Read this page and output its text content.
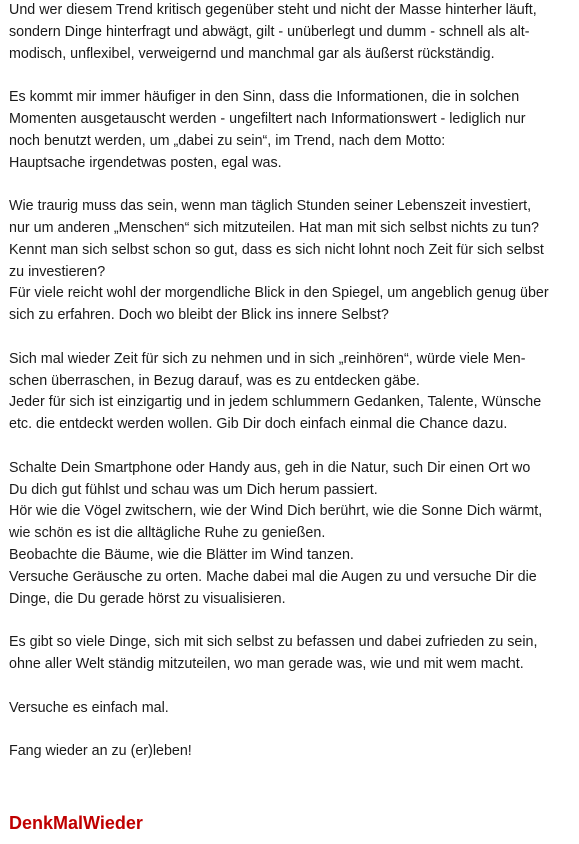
Und wer diesem Trend kritisch gegenüber steht und nicht der Masse hinterher läuft,
sondern Dinge hinterfragt und abwägt, gilt - unüberlegt und dumm - schnell als alt-
modisch, unflexibel, verweigernd und manchmal gar als äußerst rückständig.
Es kommt mir immer häufiger in den Sinn, dass die Informationen, die in solchen
Momenten ausgetauscht werden - ungefiltert nach Informationswert - lediglich nur
noch benutzt werden, um „dabei zu sein“, im Trend, nach dem Motto:
Hauptsache irgendetwas posten, egal was.
Wie traurig muss das sein, wenn man täglich Stunden seiner Lebenszeit investiert,
nur um anderen „Menschen“ sich mitzuteilen. Hat man mit sich selbst nichts zu tun?
Kennt man sich selbst schon so gut, dass es sich nicht lohnt noch Zeit für sich selbst
zu investieren?
Für viele reicht wohl der morgendliche Blick in den Spiegel, um angeblich genug über
sich zu erfahren. Doch wo bleibt der Blick ins innere Selbst?
Sich mal wieder Zeit für sich zu nehmen und in sich „reinhören“, würde viele Men-
schen überraschen, in Bezug darauf, was es zu entdecken gäbe.
Jeder für sich ist einzigartig und in jedem schlummern Gedanken, Talente, Wünsche
etc. die entdeckt werden wollen. Gib Dir doch einfach einmal die Chance dazu.
Schalte Dein Smartphone oder Handy aus, geh in die Natur, such Dir einen Ort wo
Du dich gut fühlst und schau was um Dich herum passiert.
Hör wie die Vögel zwitschern, wie der Wind Dich berührt, wie die Sonne Dich wärmt,
wie schön es ist die alltägliche Ruhe zu genießen.
Beobachte die Bäume, wie die Blätter im Wind tanzen.
Versuche Geräusche zu orten. Mache dabei mal die Augen zu und versuche Dir die
Dinge, die Du gerade hörst zu visualisieren.
Es gibt so viele Dinge, sich mit sich selbst zu befassen und dabei zufrieden zu sein,
ohne aller Welt ständig mitzuteilen, wo man gerade was, wie und mit wem macht.
Versuche es einfach mal.
Fang wieder an zu (er)leben!

DenkMalWieder
